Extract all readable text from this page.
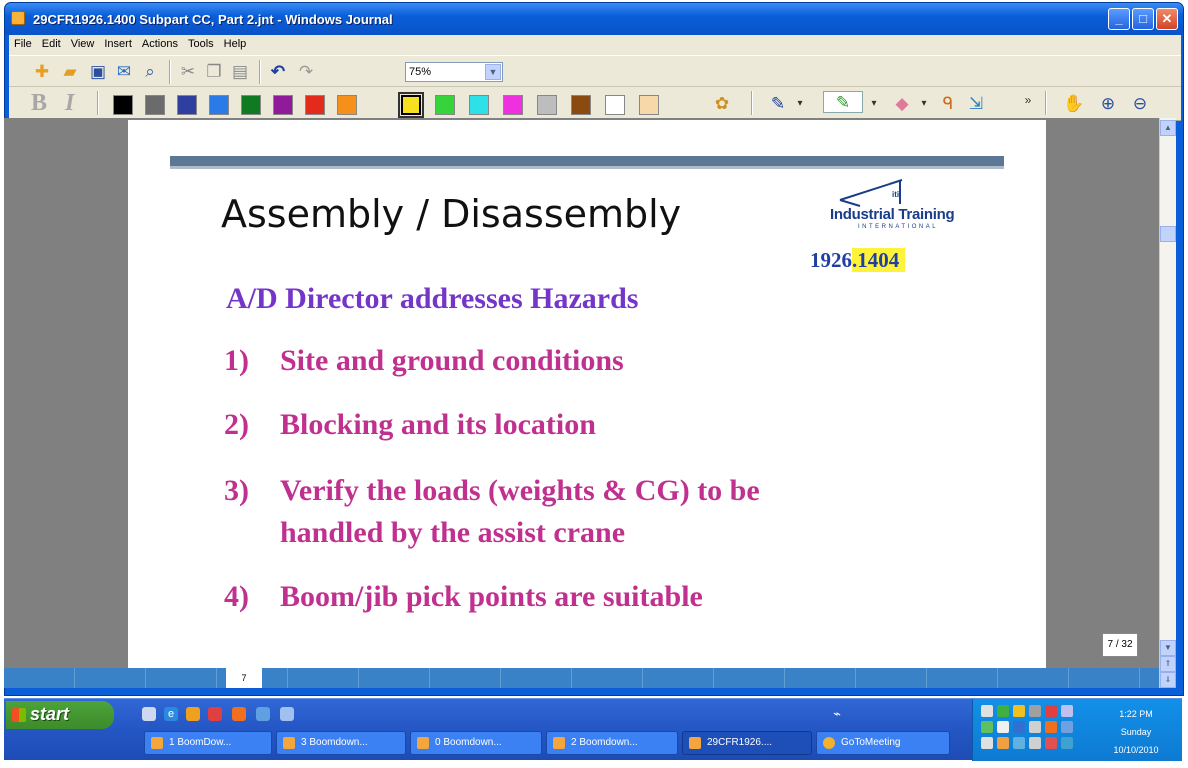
29CFR1926.1400 Subpart CC, Part 2.jnt - Windows Journal	_	□	✕
File Edit View Insert Actions Tools Help
✚ ▰ ▣ ✉ ⌕	✂ ❐ ▤ ↶ ↷	75%	▼
B I	✿ ✎	▾	✎	▾	◆	▾ ᑫ ⇲	»	✋ ⊕ ⊖
Assembly / Disassembly	iti
Industrial Training
INTERNATIONAL
1926.1404
A/D Director addresses Hazards
1) Site and ground conditions
2) Blocking and its location
3) Verify the loads (weights & CG) to be
handled by the assist crane
4) Boom/jib pick points are suitable
7 / 32
▲
▼
⇑
⇓
7
start	e	⌁
1 BoomDow...	3 Boomdown...	0 Boomdown...	2 Boomdown...	29CFR1926....	GoToMeeting
1:22 PM
Sunday
10/10/2010
